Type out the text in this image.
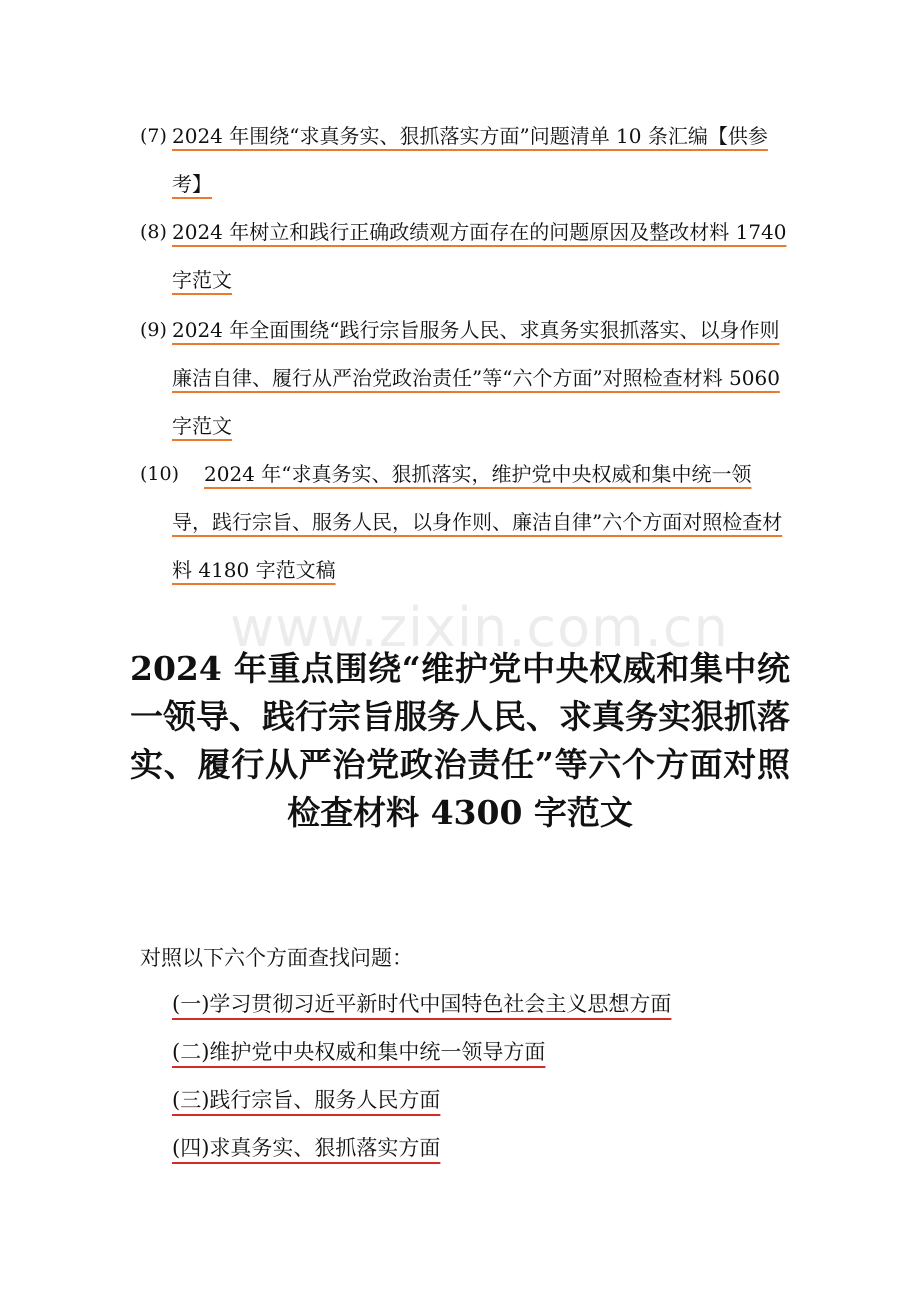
(7) 2024 年围绕“求真务实、狠抓落实方面”问题清单 10 条汇编【供参考】
(8) 2024 年树立和践行正确政绩观方面存在的问题原因及整改材料 1740 字范文
(9) 2024 年全面围绕“践行宗旨服务人民、求真务实狠抓落实、以身作则廉洁自律、履行从严治党政治责任”等“六个方面”对照检查材料 5060 字范文
(10)	2024 年“求真务实、狠抓落实，维护党中央权威和集中统一领导，践行宗旨、服务人民，以身作则、廉洁自律”六个方面对照检查材料 4180 字范文稿
www.zixin.com.cn
2024 年重点围绕“维护党中央权威和集中统一领导、践行宗旨服务人民、求真务实狠抓落实、履行从严治党政治责任”等六个方面对照检查材料 4300 字范文
对照以下六个方面查找问题：
(一)学习贯彻习近平新时代中国特色社会主义思想方面
(二)维护党中央权威和集中统一领导方面
(三)践行宗旨、服务人民方面
(四)求真务实、狠抓落实方面
